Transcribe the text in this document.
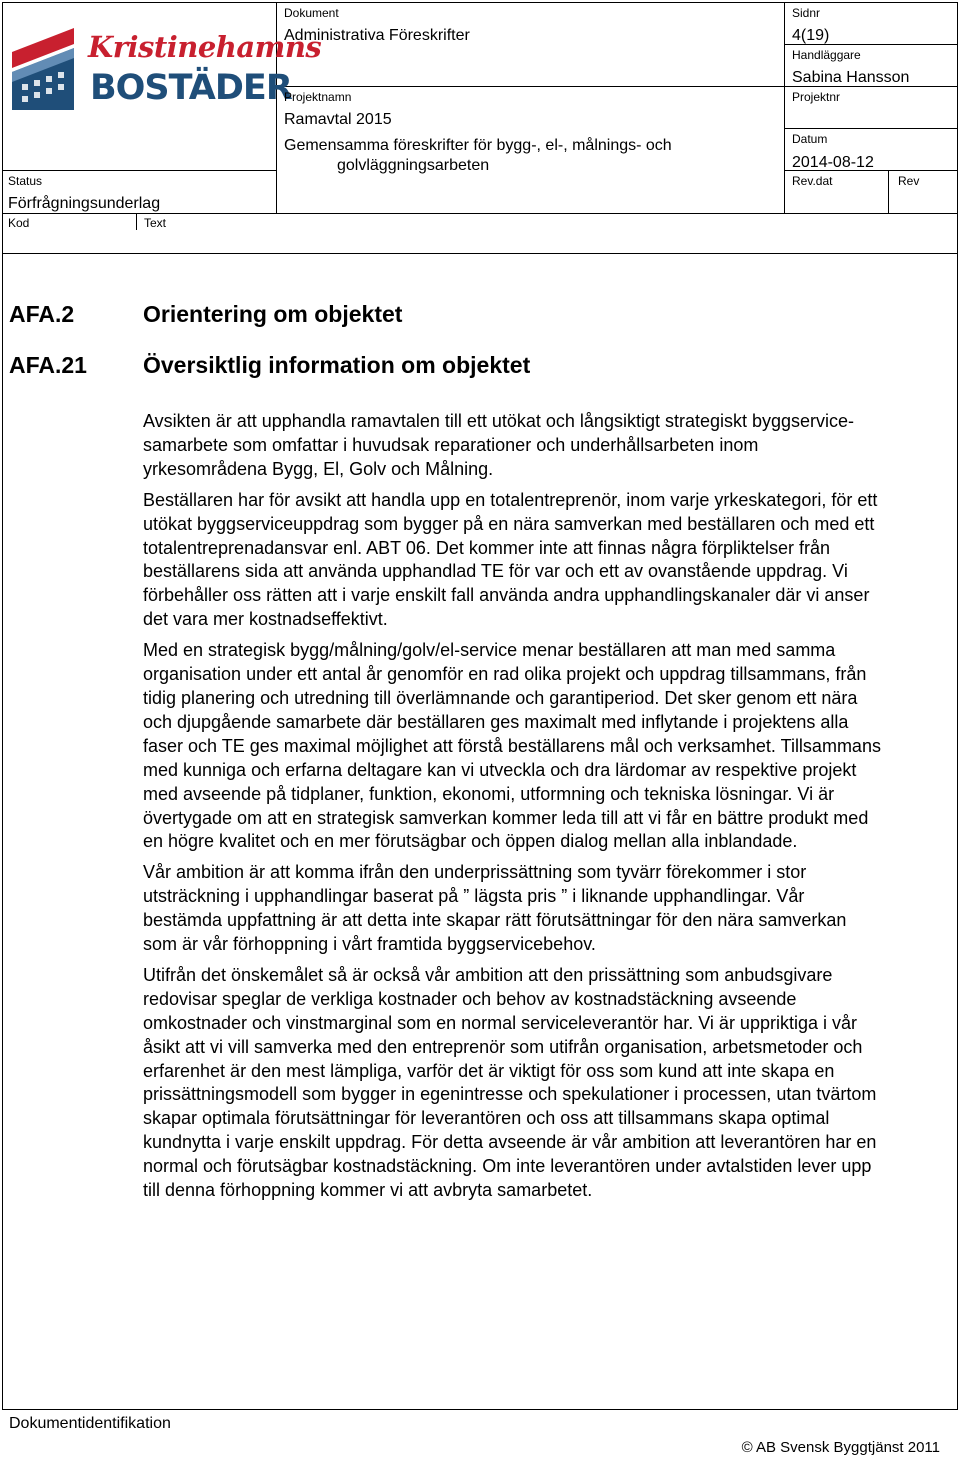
Kristinehamns
BOSTÄDER
Dokument
Administrativa Föreskrifter
Sidnr
4(19)
Handläggare
Sabina Hansson
Projektnamn
Ramavtal 2015
Gemensamma föreskrifter för bygg-, el-, målnings- och
golvläggningsarbeten
Projektnr
Datum
2014-08-12
Status
Förfrågningsunderlag
Rev.dat	Rev
Kod	Text
AFA.2	Orientering om objektet
AFA.21 Översiktlig information om objektet

Avsikten är att upphandla ramavtalen till ett utökat och långsiktigt strategiskt byggservice-samarbete som omfattar i huvudsak reparationer och underhållsarbeten inom yrkesområdena Bygg, El, Golv och Målning.

Beställaren har för avsikt att handla upp en totalentreprenör, inom varje yrkeskategori, för ett utökat byggserviceuppdrag som bygger på en nära samverkan med beställaren och med ett totalentreprenadansvar enl. ABT 06. Det kommer inte att finnas några förpliktelser från beställarens sida att använda upphandlad TE för var och ett av ovanstående uppdrag. Vi förbehåller oss rätten att i varje enskilt fall använda andra upphandlingskanaler där vi anser det vara mer kostnadseffektivt.

Med en strategisk bygg/målning/golv/el-service menar beställaren att man med samma organisation under ett antal år genomför en rad olika projekt och uppdrag tillsammans, från tidig planering och utredning till överlämnande och garantiperiod. Det sker genom ett nära och djupgående samarbete där beställaren ges maximalt med inflytande i projektens alla faser och TE ges maximal möjlighet att förstå beställarens mål och verksamhet. Tillsammans med kunniga och erfarna deltagare kan vi utveckla och dra lärdomar av respektive projekt med avseende på tidplaner, funktion, ekonomi, utformning och tekniska lösningar. Vi är övertygade om att en strategisk samverkan kommer leda till att vi får en bättre produkt med en högre kvalitet och en mer förutsägbar och öppen dialog mellan alla inblandade.

Vår ambition är att komma ifrån den underprissättning som tyvärr förekommer i stor utsträckning i upphandlingar baserat på ” lägsta pris ” i liknande upphandlingar. Vår bestämda uppfattning är att detta inte skapar rätt förutsättningar för den nära samverkan som är vår förhoppning i vårt framtida byggservicebehov.

Utifrån det önskemålet så är också vår ambition att den prissättning som anbudsgivare redovisar speglar de verkliga kostnader och behov av kostnadstäckning avseende omkostnader och vinstmarginal som en normal serviceleverantör har. Vi är uppriktiga i vår åsikt att vi vill samverka med den entreprenör som utifrån organisation, arbetsmetoder och erfarenhet är den mest lämpliga, varför det är viktigt för oss som kund att inte skapa en prissättningsmodell som bygger in egenintresse och spekulationer i processen, utan tvärtom skapar optimala förutsättningar för leverantören och oss att tillsammans skapa optimal kundnytta i varje enskilt uppdrag. För detta avseende är vår ambition att leverantören har en normal och förutsägbar kostnadstäckning. Om inte leverantören under avtalstiden lever upp till denna förhoppning kommer vi att avbryta samarbetet.

Dokumentidentifikation
© AB Svensk Byggtjänst 2011
